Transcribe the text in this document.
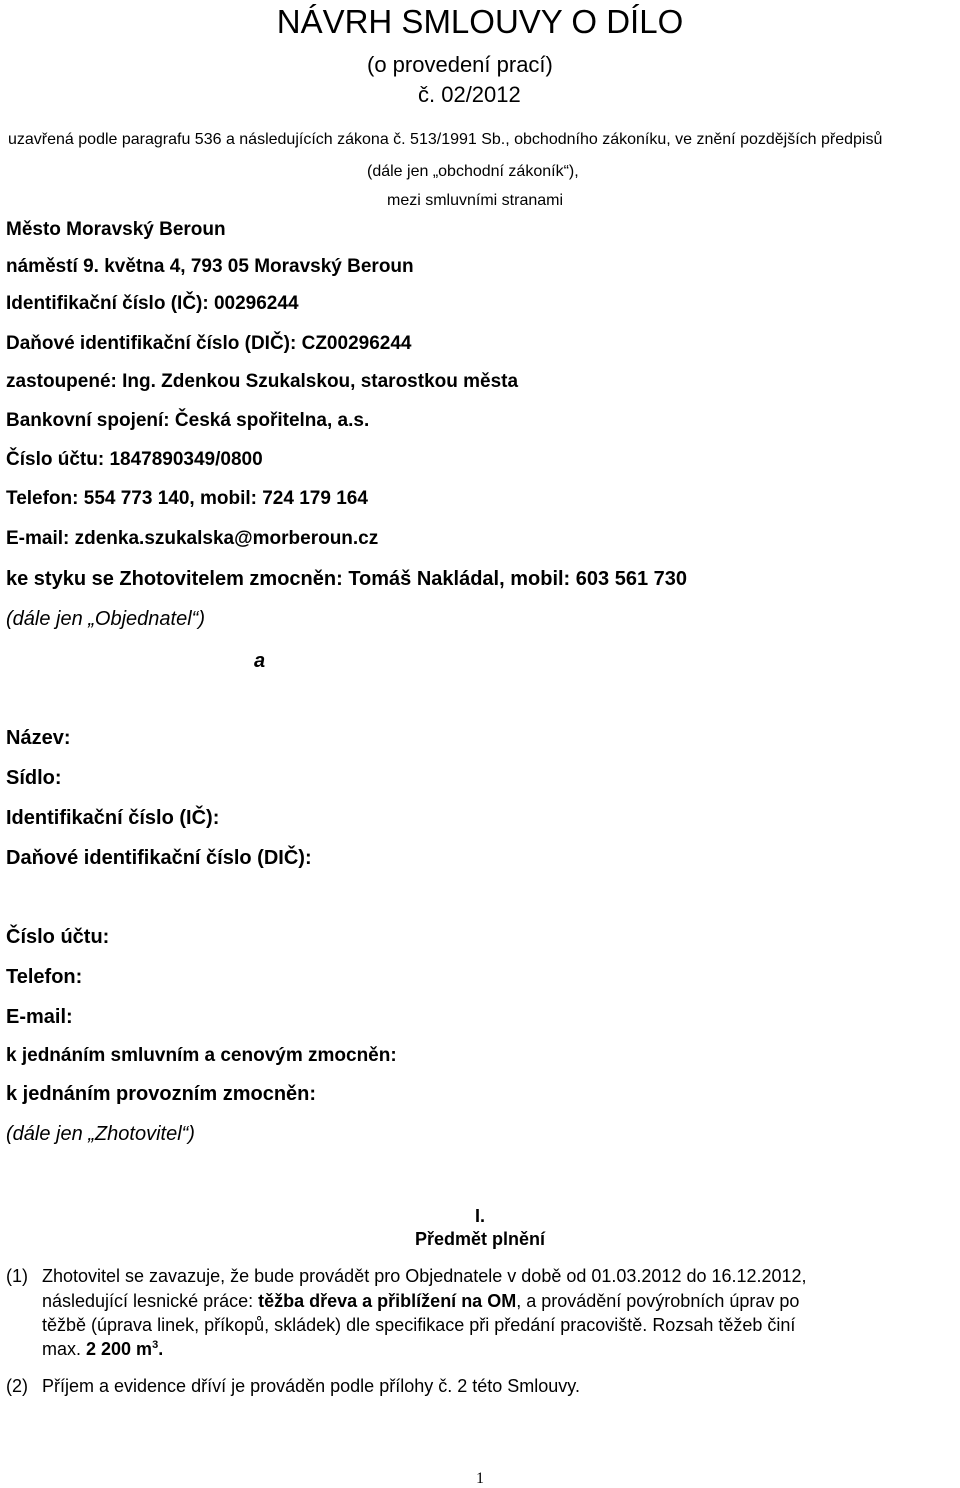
NÁVRH SMLOUVY O DÍLO
(o provedení prací)
č. 02/2012
uzavřená podle paragrafu 536 a následujících zákona č. 513/1991 Sb., obchodního zákoníku, ve znění pozdějších předpisů
(dále jen „obchodní zákoník“),
mezi smluvními stranami
Město Moravský Beroun
náměstí 9. května 4, 793 05 Moravský Beroun
Identifikační číslo (IČ): 00296244
Daňové identifikační číslo (DIČ): CZ00296244
zastoupené: Ing. Zdenkou Szukalskou, starostkou města
Bankovní spojení: Česká spořitelna, a.s.
Číslo účtu: 1847890349/0800
Telefon: 554 773 140, mobil: 724 179 164
E-mail: zdenka.szukalska@morberoun.cz
ke styku se Zhotovitelem zmocněn: Tomáš Nakládal, mobil: 603 561 730
(dále jen „Objednatel“)
a
Název:
Sídlo:
Identifikační číslo (IČ):
Daňové identifikační číslo (DIČ):
Číslo účtu:
Telefon:
E-mail:
k jednáním smluvním a cenovým zmocněn:
k jednáním provozním zmocněn:
(dále jen „Zhotovitel“)
I.
Předmět plnění
(1) Zhotovitel se zavazuje, že bude provádět pro Objednatele v době od 01.03.2012 do 16.12.2012,
následující lesnické práce: těžba dřeva a přiblížení na OM, a provádění povýrobních úprav po
těžbě (úprava linek, příkopů, skládek) dle specifikace při předání pracoviště. Rozsah těžeb činí
max. 2 200 $m^3$.
(2) Příjem a evidence dříví je prováděn podle přílohy č. 2 této Smlouvy.
1
